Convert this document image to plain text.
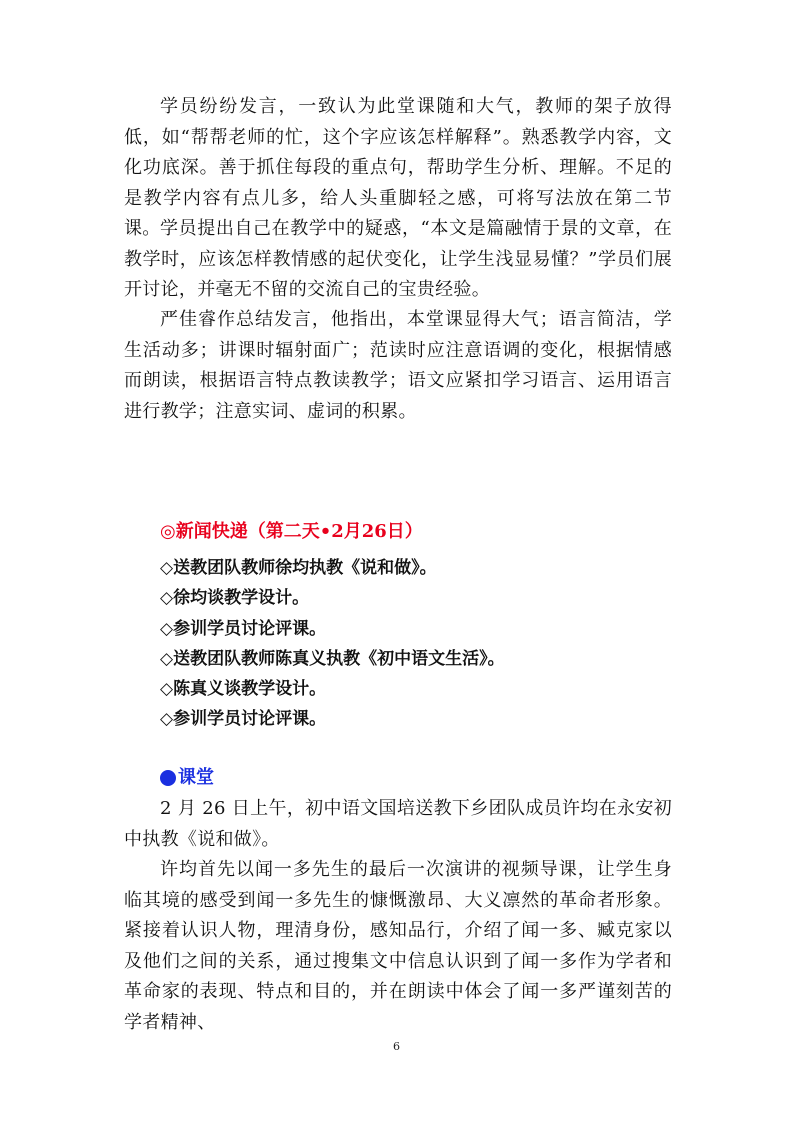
学员纷纷发言，一致认为此堂课随和大气，教师的架子放得低，如“帮帮老师的忙，这个字应该怎样解释”。熟悉教学内容，文化功底深。善于抓住每段的重点句，帮助学生分析、理解。不足的是教学内容有点儿多，给人头重脚轻之感，可将写法放在第二节课。 学员提出自己在教学中的疑惑，“本文是篇融情于景的文章，在教学时，应该怎样教情感的起伏变化，让学生浅显易懂？”学员们展开讨论，并毫无不留的交流自己的宝贵经验。

严佳睿作总结发言，他指出，本堂课显得大气；语言简洁，学生活动多；讲课时辐射面广；范读时应注意语调的变化，根据情感而朗读，根据语言特点教读教学；语文应紧扣学习语言、运用语言进行教学；注意实词、虚词的积累。

◎新闻快递（第二天•2月26日）
◇送教团队教师徐均执教《说和做》。
◇徐均谈教学设计。
◇参训学员讨论评课。
◇送教团队教师陈真义执教《初中语文生活》。
◇陈真义谈教学设计。
◇参训学员讨论评课。
课堂

2 月 26 日上午，初中语文国培送教下乡团队成员许均在永安初中执教《说和做》。

许均首先以闻一多先生的最后一次演讲的视频导课，让学生身临其境的感受到闻一多先生的慷慨激昂、大义凛然的革命者形象。紧接着认识人物，理清身份，感知品行，介绍了闻一多、臧克家以及他们之间的关系，通过搜集文中信息认识到了闻一多作为学者和革命家的表现、特点和目的，并在朗读中体会了闻一多严谨刻苦的学者精神、

6
